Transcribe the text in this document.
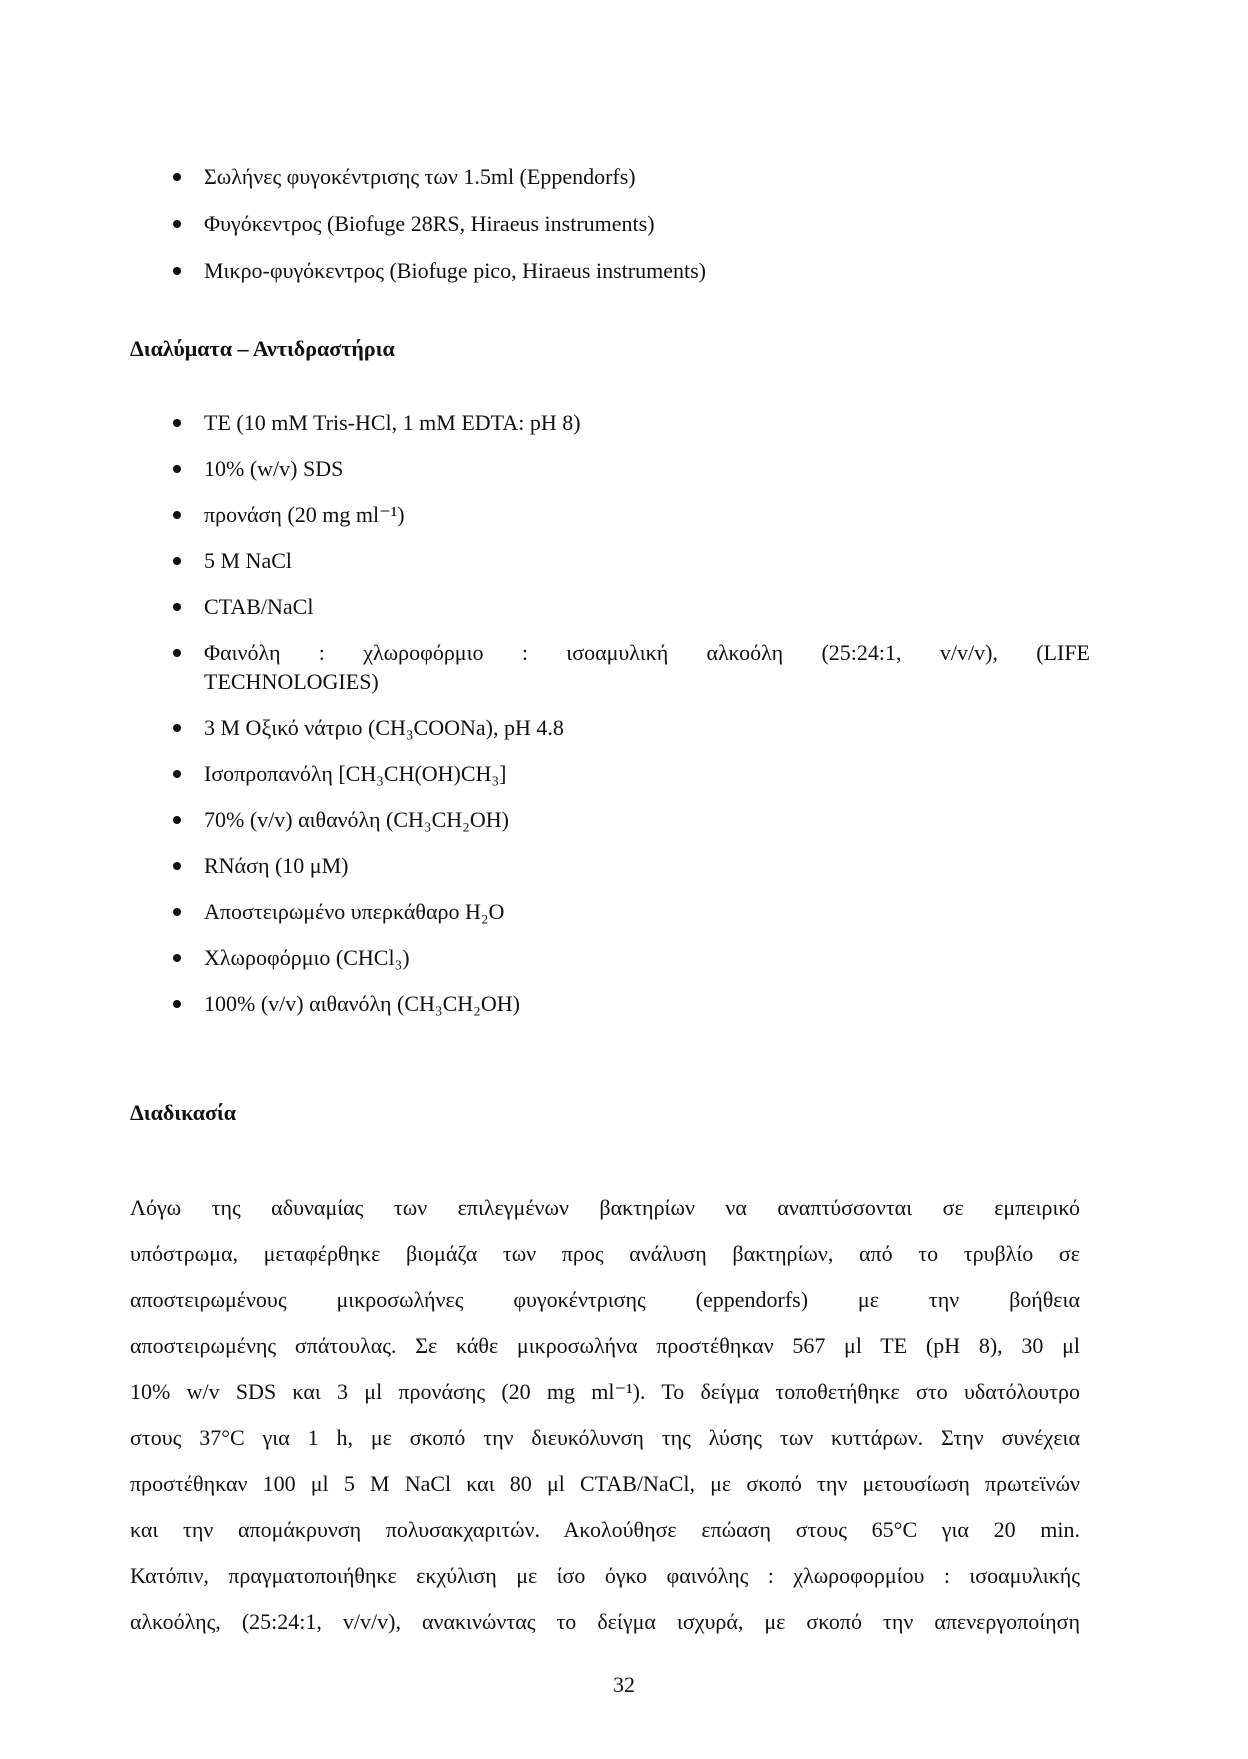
Σωλήνες φυγοκέντρισης των 1.5ml (Eppendorfs)
Φυγόκεντρος (Biofuge 28RS, Hiraeus instruments)
Μικρο-φυγόκεντρος (Biofuge pico, Hiraeus instruments)
Διαλύματα – Αντιδραστήρια
TE (10 mM Tris-HCl, 1 mM EDTA: pH 8)
10% (w/v) SDS
προνάση (20 mg ml⁻¹)
5 M NaCl
CTAB/NaCl
Φαινόλη : χλωροφόρμιο : ισοαμυλική αλκοόλη (25:24:1, v/v/v), (LIFE
TECHNOLOGIES)
3 M Οξικό νάτριο (CH₃COONa), pH 4.8
Ισοπροπανόλη [CH₃CH(OH)CH₃]
70% (v/v) αιθανόλη (CH₃CH₂OH)
RNάση (10 μM)
Αποστειρωμένο υπερκάθαρο H₂O
Χλωροφόρμιο (CHCl₃)
100% (v/v) αιθανόλη (CH₃CH₂OH)
Διαδικασία
Λόγω της αδυναμίας των επιλεγμένων βακτηρίων να αναπτύσσονται σε εμπειρικό
υπόστρωμα, μεταφέρθηκε βιομάζα των προς ανάλυση βακτηρίων, από το τρυβλίο σε
αποστειρωμένους μικροσωλήνες φυγοκέντρισης (eppendorfs) με την βοήθεια
αποστειρωμένης σπάτουλας. Σε κάθε μικροσωλήνα προστέθηκαν 567 μl TE (pH 8), 30 μl
10% w/v SDS και 3 μl προνάσης (20 mg ml⁻¹). Το δείγμα τοποθετήθηκε στο υδατόλουτρο
στους 37°C για 1 h, με σκοπό την διευκόλυνση της λύσης των κυττάρων. Στην συνέχεια
προστέθηκαν 100 μl 5 M NaCl και 80 μl CTAB/NaCl, με σκοπό την μετουσίωση πρωτεϊνών
και την απομάκρυνση πολυσακχαριτών. Ακολούθησε επώαση στους 65°C για 20 min.
Κατόπιν, πραγματοποιήθηκε εκχύλιση με ίσο όγκο φαινόλης : χλωροφορμίου : ισοαμυλικής
αλκοόλης, (25:24:1, v/v/v), ανακινώντας το δείγμα ισχυρά, με σκοπό την απενεργοποίηση
32
